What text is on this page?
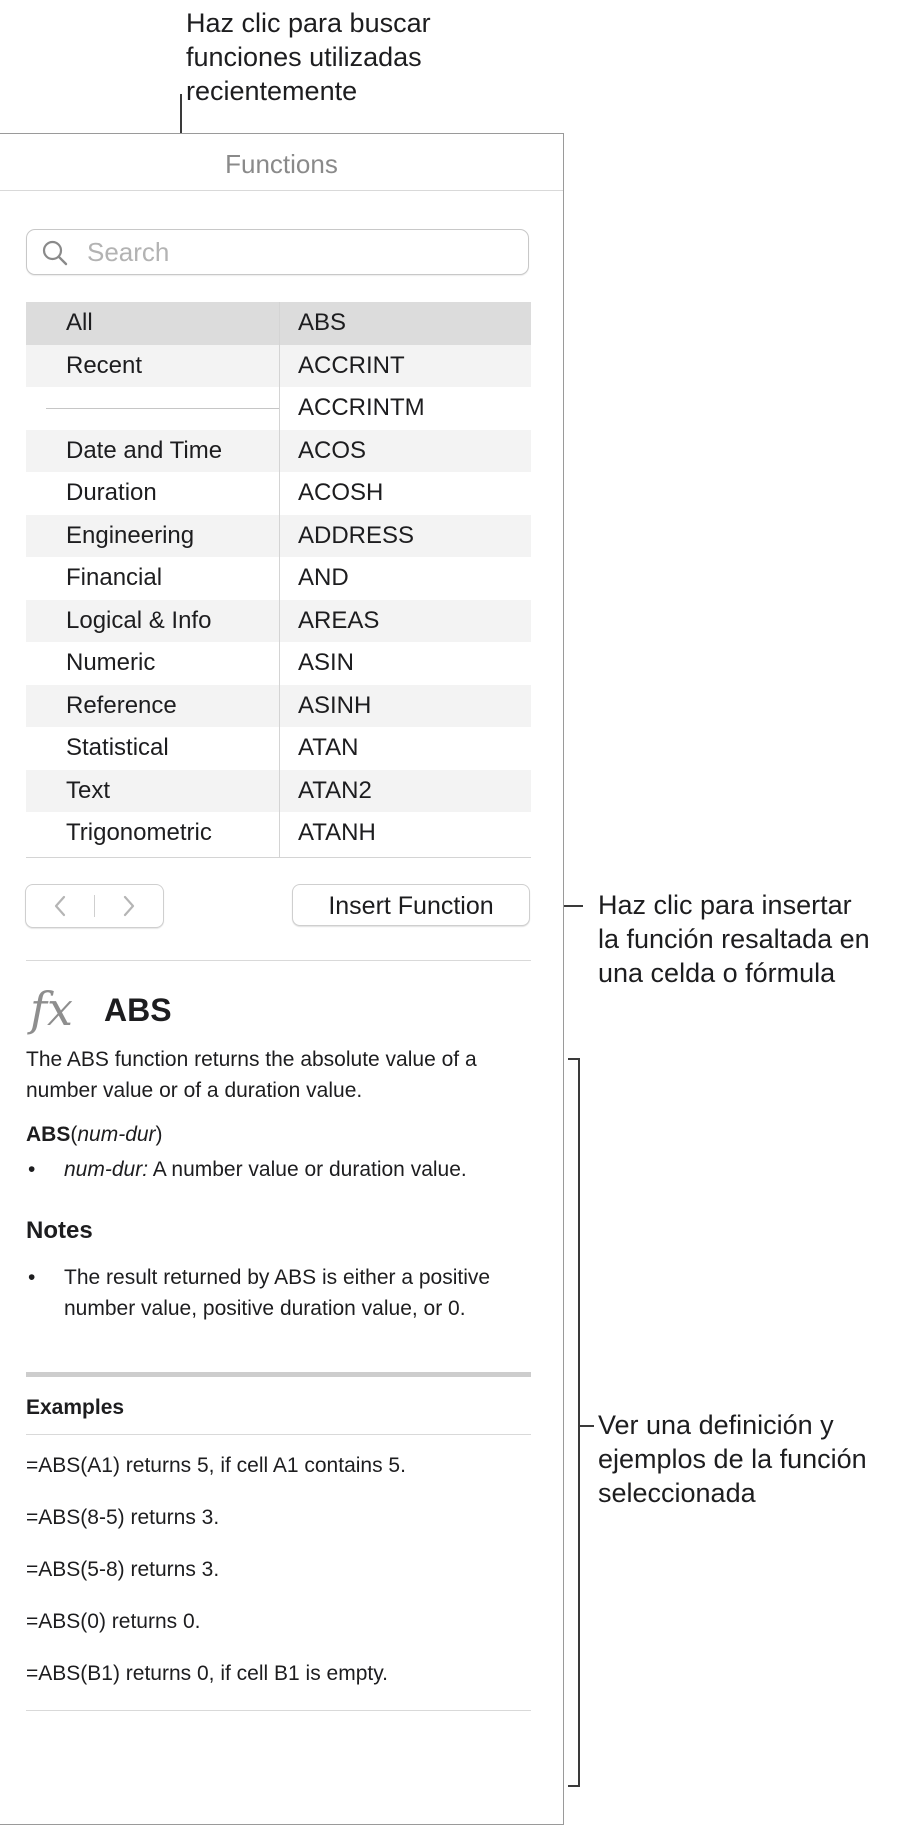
Haz clic para buscar
funciones utilizadas
recientemente
Haz clic para insertar
la función resaltada en
una celda o fórmula
Ver una definición y
ejemplos de la función
seleccionada
Functions
Search
All
Recent
Date and Time
Duration
Engineering
Financial
Logical & Info
Numeric
Reference
Statistical
Text
Trigonometric
ABS
ACCRINT
ACCRINTM
ACOS
ACOSH
ADDRESS
AND
AREAS
ASIN
ASINH
ATAN
ATAN2
ATANH
Insert Function
fx ABS
The ABS function returns the absolute value of a number value or of a duration value.
ABS(num-dur)
• num-dur: A number value or duration value.
Notes
• The result returned by ABS is either a positive number value, positive duration value, or 0.
Examples
=ABS(A1) returns 5, if cell A1 contains 5.
=ABS(8-5) returns 3.
=ABS(5-8) returns 3.
=ABS(0) returns 0.
=ABS(B1) returns 0, if cell B1 is empty.
